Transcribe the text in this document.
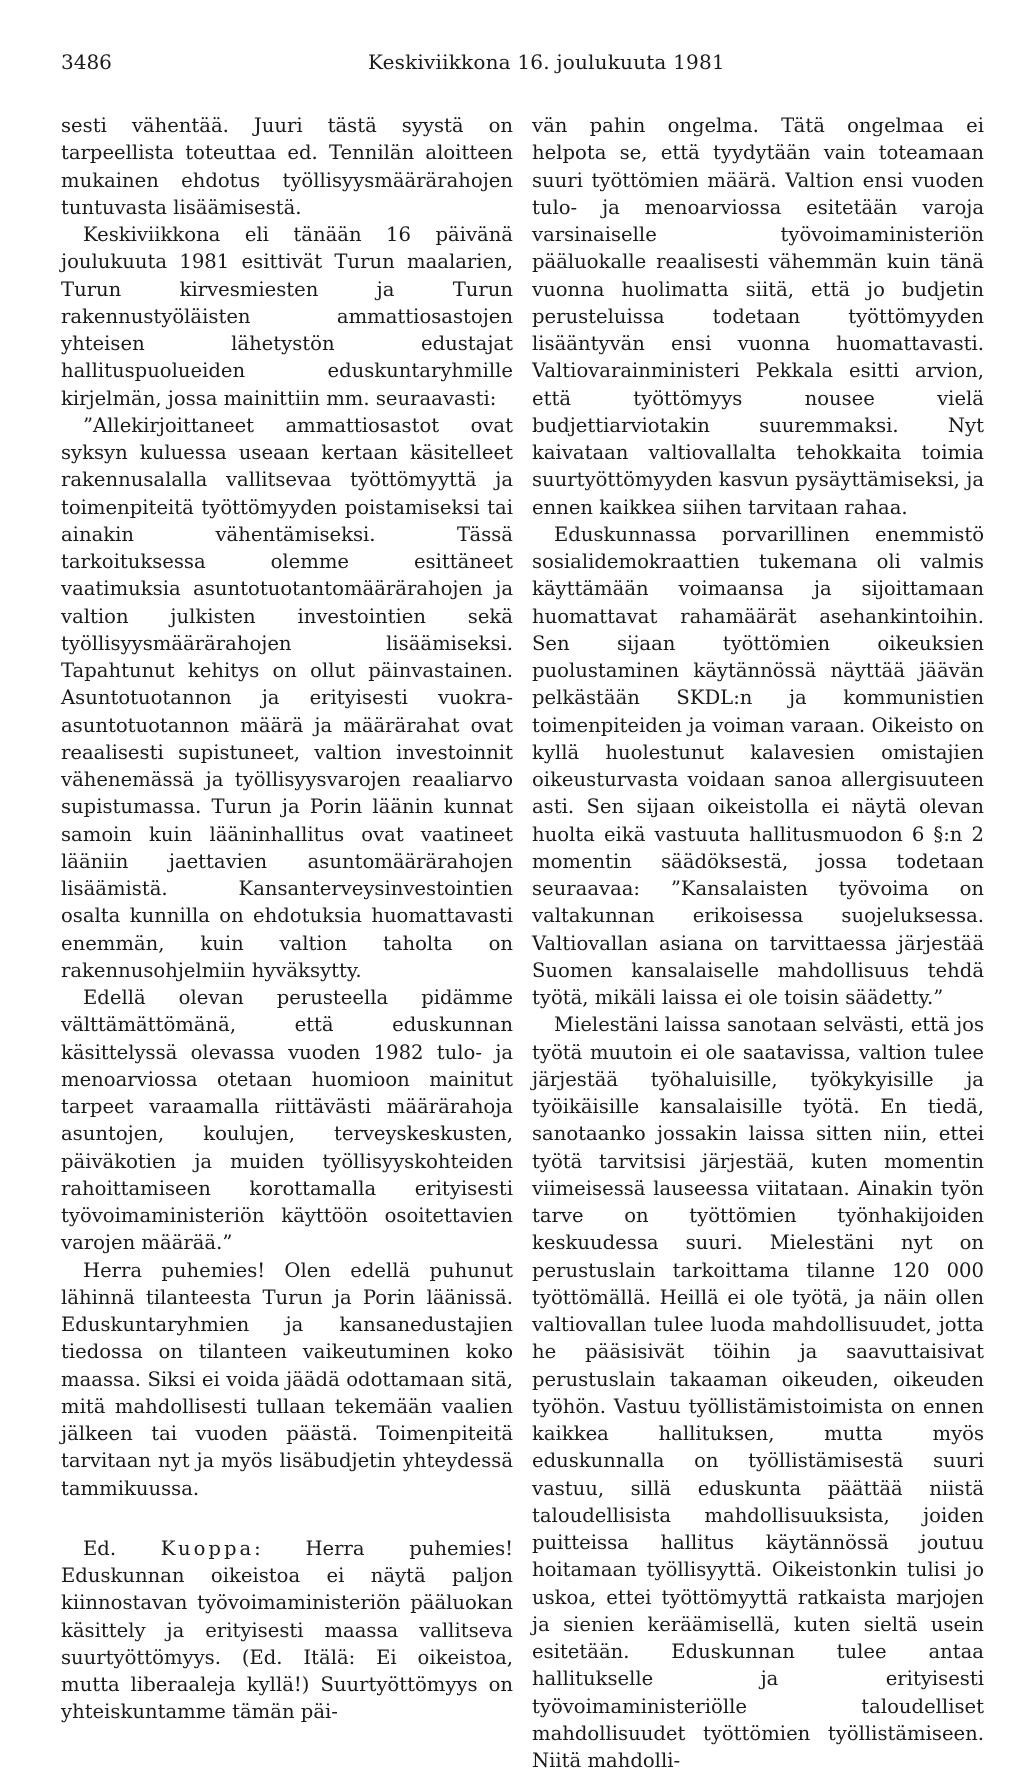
3486	Keskiviikkona 16. joulukuuta 1981

sesti vähentää. Juuri tästä syystä on tarpeellista toteuttaa ed. Tennilän aloitteen mukainen ehdotus työllisyysmäärärahojen tuntuvasta lisäämisestä.

Keskiviikkona eli tänään 16 päivänä joulukuuta 1981 esittivät Turun maalarien, Turun kirvesmiesten ja Turun rakennustyöläisten ammattiosastojen yhteisen lähetystön edustajat hallituspuolueiden eduskuntaryhmille kirjelmän, jossa mainittiin mm. seuraavasti:

”Allekirjoittaneet ammattiosastot ovat syksyn kuluessa useaan kertaan käsitelleet rakennusalalla vallitsevaa työttömyyttä ja toimenpiteitä työttömyyden poistamiseksi tai ainakin vähentämiseksi. Tässä tarkoituksessa olemme esittäneet vaatimuksia asuntotuotantomäärärahojen ja valtion julkisten investointien sekä työllisyysmäärärahojen lisäämiseksi. Tapahtunut kehitys on ollut päinvastainen. Asuntotuotannon ja erityisesti vuokra-asuntotuotannon määrä ja määrärahat ovat reaalisesti supistuneet, valtion investoinnit vähenemässä ja työllisyysvarojen reaaliarvo supistumassa. Turun ja Porin läänin kunnat samoin kuin lääninhallitus ovat vaatineet lääniin jaettavien asuntomäärärahojen lisäämistä. Kansanterveysinvestointien osalta kunnilla on ehdotuksia huomattavasti enemmän, kuin valtion taholta on rakennusohjelmiin hyväksytty.

Edellä olevan perusteella pidämme välttämättömänä, että eduskunnan käsittelyssä olevassa vuoden 1982 tulo- ja menoarviossa otetaan huomioon mainitut tarpeet varaamalla riittävästi määrärahoja asuntojen, koulujen, terveyskeskusten, päiväkotien ja muiden työllisyyskohteiden rahoittamiseen korottamalla erityisesti työvoimaministeriön käyttöön osoitettavien varojen määrää.”

Herra puhemies! Olen edellä puhunut lähinnä tilanteesta Turun ja Porin läänissä. Eduskuntaryhmien ja kansanedustajien tiedossa on tilanteen vaikeutuminen koko maassa. Siksi ei voida jäädä odottamaan sitä, mitä mahdollisesti tullaan tekemään vaalien jälkeen tai vuoden päästä. Toimenpiteitä tarvitaan nyt ja myös lisäbudjetin yhteydessä tammikuussa.

Ed. Kuoppa: Herra puhemies! Eduskunnan oikeistoa ei näytä paljon kiinnostavan työvoimaministeriön pääluokan käsittely ja erityisesti maassa vallitseva suurtyöttömyys. (Ed. Itälä: Ei oikeistoa, mutta liberaaleja kyllä!) Suurtyöttömyys on yhteiskuntamme tämän päi-

vän pahin ongelma. Tätä ongelmaa ei helpota se, että tyydytään vain toteamaan suuri työttömien määrä. Valtion ensi vuoden tulo- ja menoarviossa esitetään varoja varsinaiselle työvoimaministeriön pääluokalle reaalisesti vähemmän kuin tänä vuonna huolimatta siitä, että jo budjetin perusteluissa todetaan työttömyyden lisääntyvän ensi vuonna huomattavasti. Valtiovarainministeri Pekkala esitti arvion, että työttömyys nousee vielä budjettiarviotakin suuremmaksi. Nyt kaivataan valtiovallalta tehokkaita toimia suurtyöttömyyden kasvun pysäyttämiseksi, ja ennen kaikkea siihen tarvitaan rahaa.

Eduskunnassa porvarillinen enemmistö sosialidemokraattien tukemana oli valmis käyttämään voimaansa ja sijoittamaan huomattavat rahamäärät asehankintoihin. Sen sijaan työttömien oikeuksien puolustaminen käytännössä näyttää jäävän pelkästään SKDL:n ja kommunistien toimenpiteiden ja voiman varaan. Oikeisto on kyllä huolestunut kalavesien omistajien oikeusturvasta voidaan sanoa allergisuuteen asti. Sen sijaan oikeistolla ei näytä olevan huolta eikä vastuuta hallitusmuodon 6 §:n 2 momentin säädöksestä, jossa todetaan seuraavaa: ”Kansalaisten työvoima on valtakunnan erikoisessa suojeluksessa. Valtiovallan asiana on tarvittaessa järjestää Suomen kansalaiselle mahdollisuus tehdä työtä, mikäli laissa ei ole toisin säädetty.”

Mielestäni laissa sanotaan selvästi, että jos työtä muutoin ei ole saatavissa, valtion tulee järjestää työhaluisille, työkykyisille ja työikäisille kansalaisille työtä. En tiedä, sanotaanko jossakin laissa sitten niin, ettei työtä tarvitsisi järjestää, kuten momentin viimeisessä lauseessa viitataan. Ainakin työn tarve on työttömien työnhakijoiden keskuudessa suuri. Mielestäni nyt on perustuslain tarkoittama tilanne 120 000 työttömällä. Heillä ei ole työtä, ja näin ollen valtiovallan tulee luoda mahdollisuudet, jotta he pääsisivät töihin ja saavuttaisivat perustuslain takaaman oikeuden, oikeuden työhön. Vastuu työllistämistoimista on ennen kaikkea hallituksen, mutta myös eduskunnalla on työllistämisestä suuri vastuu, sillä eduskunta päättää niistä taloudellisista mahdollisuuksista, joiden puitteissa hallitus käytännössä joutuu hoitamaan työllisyyttä. Oikeistonkin tulisi jo uskoa, ettei työttömyyttä ratkaista marjojen ja sienien keräämisellä, kuten sieltä usein esitetään. Eduskunnan tulee antaa hallitukselle ja erityisesti työvoimaministeriölle taloudelliset mahdollisuudet työttömien työllistämiseen. Niitä mahdolli-
